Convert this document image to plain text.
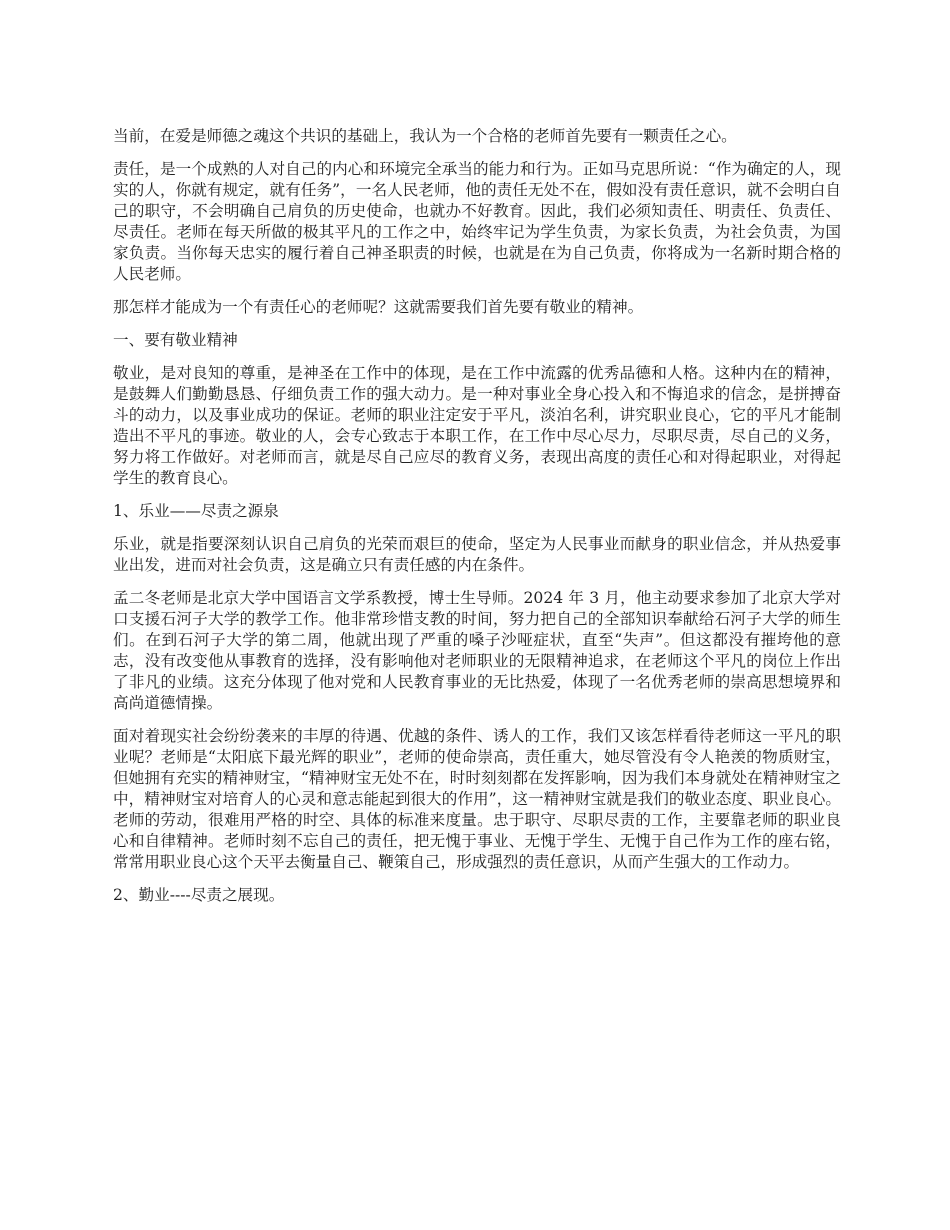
当前，在爱是师德之魂这个共识的基础上，我认为一个合格的老师首先要有一颗责任之心。

责任，是一个成熟的人对自己的内心和环境完全承当的能力和行为。正如马克思所说：“作为确定的人，现实的人，你就有规定，就有任务”，一名人民老师，他的责任无处不在，假如没有责任意识，就不会明白自己的职守，不会明确自己肩负的历史使命，也就办不好教育。因此，我们必须知责任、明责任、负责任、尽责任。老师在每天所做的极其平凡的工作之中，始终牢记为学生负责，为家长负责，为社会负责，为国家负责。当你每天忠实的履行着自己神圣职责的时候，也就是在为自己负责，你将成为一名新时期合格的人民老师。

那怎样才能成为一个有责任心的老师呢？这就需要我们首先要有敬业的精神。

一、要有敬业精神

敬业，是对良知的尊重，是神圣在工作中的体现，是在工作中流露的优秀品德和人格。这种内在的精神，是鼓舞人们勤勤恳恳、仔细负责工作的强大动力。是一种对事业全身心投入和不悔追求的信念，是拼搏奋斗的动力，以及事业成功的保证。老师的职业注定安于平凡，淡泊名利，讲究职业良心，它的平凡才能制造出不平凡的事迹。敬业的人，会专心致志于本职工作，在工作中尽心尽力，尽职尽责，尽自己的义务，努力将工作做好。对老师而言，就是尽自己应尽的教育义务，表现出高度的责任心和对得起职业，对得起学生的教育良心。

1、乐业——尽责之源泉

乐业，就是指要深刻认识自己肩负的光荣而艰巨的使命，坚定为人民事业而献身的职业信念，并从热爱事业出发，进而对社会负责，这是确立只有责任感的内在条件。

孟二冬老师是北京大学中国语言文学系教授，博士生导师。2024 年 3 月，他主动要求参加了北京大学对口支援石河子大学的教学工作。他非常珍惜支教的时间，努力把自己的全部知识奉献给石河子大学的师生们。在到石河子大学的第二周，他就出现了严重的嗓子沙哑症状，直至“失声”。但这都没有摧垮他的意志，没有改变他从事教育的选择，没有影响他对老师职业的无限精神追求，在老师这个平凡的岗位上作出了非凡的业绩。这充分体现了他对党和人民教育事业的无比热爱，体现了一名优秀老师的崇高思想境界和高尚道德情操。

面对着现实社会纷纷袭来的丰厚的待遇、优越的条件、诱人的工作，我们又该怎样看待老师这一平凡的职业呢？老师是“太阳底下最光辉的职业”，老师的使命崇高，责任重大，她尽管没有令人艳羡的物质财宝，但她拥有充实的精神财宝，“精神财宝无处不在，时时刻刻都在发挥影响，因为我们本身就处在精神财宝之中，精神财宝对培育人的心灵和意志能起到很大的作用”，这一精神财宝就是我们的敬业态度、职业良心。老师的劳动，很难用严格的时空、具体的标准来度量。忠于职守、尽职尽责的工作，主要靠老师的职业良心和自律精神。老师时刻不忘自己的责任，把无愧于事业、无愧于学生、无愧于自己作为工作的座右铭，常常用职业良心这个天平去衡量自己、鞭策自己，形成强烈的责任意识，从而产生强大的工作动力。

2、勤业----尽责之展现。
